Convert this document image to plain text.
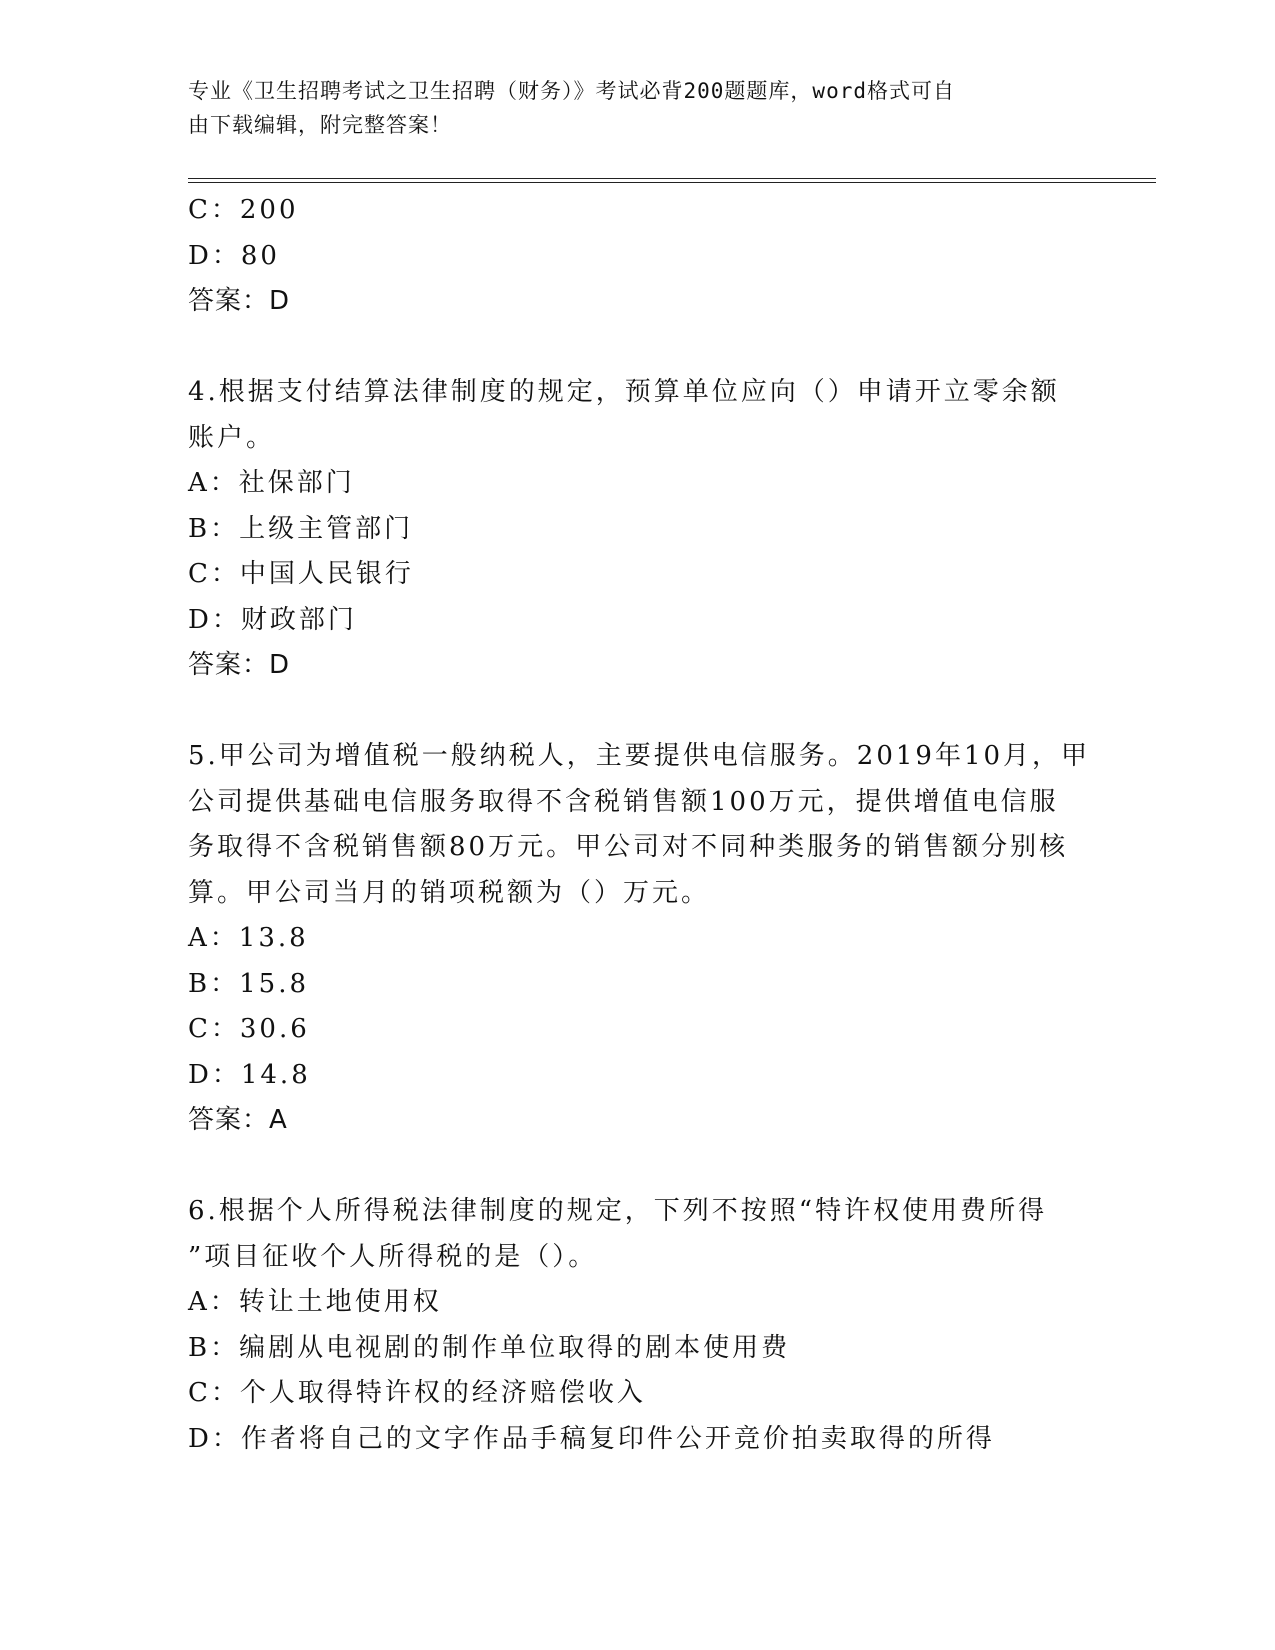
专业《卫生招聘考试之卫生招聘（财务）》考试必背200题题库，word格式可自
由下载编辑，附完整答案！
C：200
D：80
答案：D
4.根据支付结算法律制度的规定，预算单位应向（）申请开立零余额
账户。
A：社保部门
B：上级主管部门
C：中国人民银行
D：财政部门
答案：D
5.甲公司为增值税一般纳税人，主要提供电信服务。2019年10月，甲
公司提供基础电信服务取得不含税销售额100万元，提供增值电信服
务取得不含税销售额80万元。甲公司对不同种类服务的销售额分别核
算。甲公司当月的销项税额为（）万元。
A：13.8
B：15.8
C：30.6
D：14.8
答案：A
6.根据个人所得税法律制度的规定，下列不按照“特许权使用费所得
”项目征收个人所得税的是（）。
A：转让土地使用权
B：编剧从电视剧的制作单位取得的剧本使用费
C：个人取得特许权的经济赔偿收入
D：作者将自己的文字作品手稿复印件公开竞价拍卖取得的所得
